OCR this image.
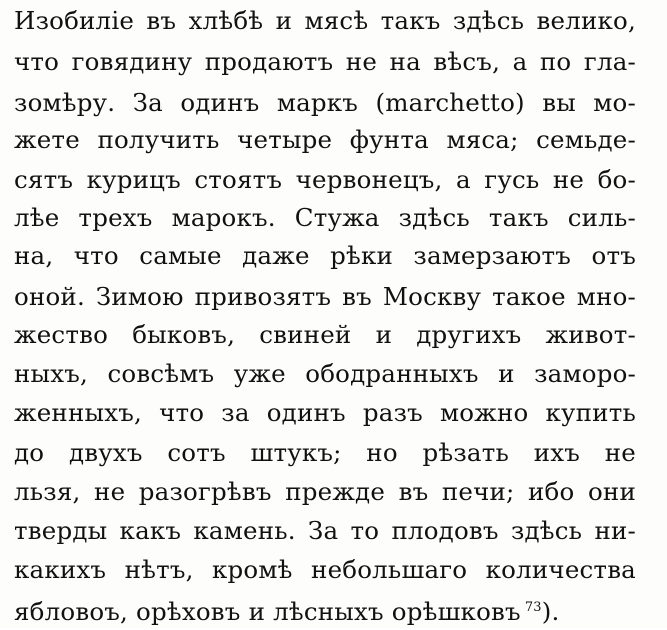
Изобиліе въ хлѣбѣ и мясѣ такъ здѣсь велико,
что говядину продаютъ не на вѣсъ, а по гла-
зомѣру. За одинъ маркъ (marchetto) вы мо-
жете получить четыре фунта мяса; семьде-
сятъ курицъ стоятъ червонецъ, а гусь не бо-
лѣе трехъ марокъ. Стужа здѣсь такъ силь-
на, что самые даже рѣки замерзаютъ отъ
оной. Зимою привозятъ въ Москву такое мно-
жество быковъ, свиней и другихъ живот-
ныхъ, совсѣмъ уже ободранныхъ и заморо-
женныхъ, что за одинъ разъ можно купить
до двухъ сотъ штукъ; но рѣзать ихъ не
льзя, не разогрѣвъ прежде въ печи; ибо они
тверды какъ камень. За то плодовъ здѣсь ни-
какихъ нѣтъ, кромѣ небольшаго количества
ябловоъ, орѣховъ и лѣсныхъ орѣшковъ $^{73}$).
